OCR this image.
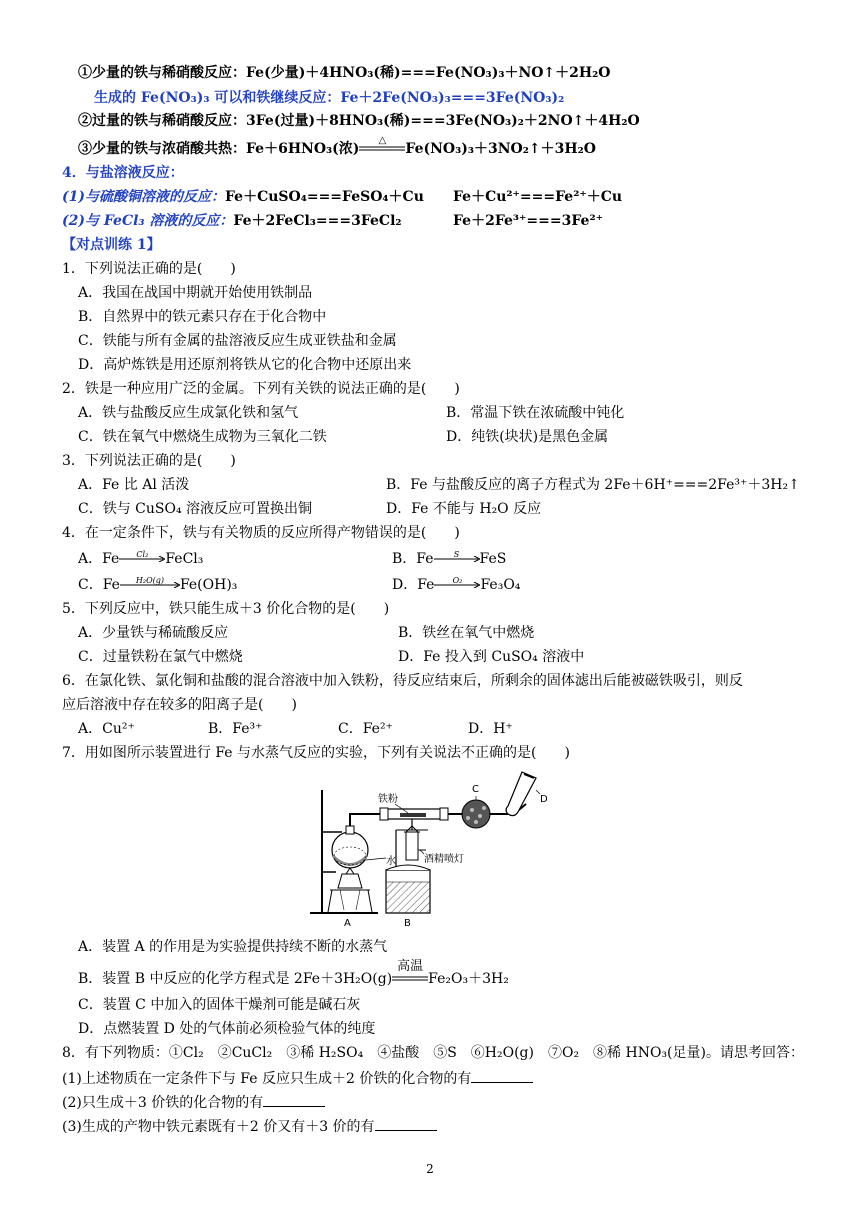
①少量的铁与稀硝酸反应：Fe(少量)＋4HNO₃(稀)===Fe(NO₃)₃＋NO↑＋2H₂O
生成的 Fe(NO₃)₃ 可以和铁继续反应：Fe＋2Fe(NO₃)₃===3Fe(NO₃)₂
②过量的铁与稀硝酸反应：3Fe(过量)＋8HNO₃(稀)===3Fe(NO₃)₂＋2NO↑＋4H₂O
③少量的铁与浓硝酸共热：Fe＋6HNO₃(浓)
△
Fe(NO₃)₃＋3NO₂↑＋3H₂O
4．与盐溶液反应：
(1)与硫酸铜溶液的反应：Fe＋CuSO₄===FeSO₄＋Cu Fe＋Cu²⁺===Fe²⁺＋Cu
(2)与 FeCl₃ 溶液的反应：Fe＋2FeCl₃===3FeCl₂	Fe＋2Fe³⁺===3Fe²⁺
【对点训练 1】
1．下列说法正确的是(　　)
A．我国在战国中期就开始使用铁制品
B．自然界中的铁元素只存在于化合物中
C．铁能与所有金属的盐溶液反应生成亚铁盐和金属
D．高炉炼铁是用还原剂将铁从它的化合物中还原出来
2．铁是一种应用广泛的金属。下列有关铁的说法正确的是(　　)
A．铁与盐酸反应生成氯化铁和氢气	B．常温下铁在浓硫酸中钝化
C．铁在氧气中燃烧生成物为三氧化二铁	D．纯铁(块状)是黑色金属
3．下列说法正确的是(　　)
A．Fe 比 Al 活泼	B．Fe 与盐酸反应的离子方程式为 2Fe＋6H⁺===2Fe³⁺＋3H₂↑
C．铁与 CuSO₄ 溶液反应可置换出铜	D．Fe 不能与 H₂O 反应
4．在一定条件下，铁与有关物质的反应所得产物错误的是(　　)
A．Fe	Cl₂	FeCl₃	B．Fe	S	FeS
C．Fe	H₂O(g)	Fe(OH)₃	D．Fe	O₂	Fe₃O₄
5．下列反应中，铁只能生成＋3 价化合物的是(　　)
A．少量铁与稀硫酸反应	B．铁丝在氧气中燃烧
C．过量铁粉在氯气中燃烧	D．Fe 投入到 CuSO₄ 溶液中
6．在氯化铁、氯化铜和盐酸的混合溶液中加入铁粉，待反应结束后，所剩余的固体滤出后能被磁铁吸引，则反
应后溶液中存在较多的阳离子是(　　)
A．Cu²⁺	B．Fe³⁺	C．Fe²⁺	D．H⁺
7．用如图所示装置进行 Fe 与水蒸气反应的实验，下列有关说法不正确的是(　　)
铁粉
水	酒精喷灯
A	B
C
D
A．装置 A 的作用是为实验提供持续不断的水蒸气
B．装置 B 中反应的化学方程式是 2Fe＋3H₂O(g)
高温
Fe₂O₃＋3H₂
C．装置 C 中加入的固体干燥剂可能是碱石灰
D．点燃装置 D 处的气体前必须检验气体的纯度
8．有下列物质：①Cl₂　②CuCl₂　③稀 H₂SO₄　④盐酸　⑤S　⑥H₂O(g)　⑦O₂　⑧稀 HNO₃(足量)。请思考回答：
(1)上述物质在一定条件下与 Fe 反应只生成＋2 价铁的化合物的有
(2)只生成＋3 价铁的化合物的有
(3)生成的产物中铁元素既有＋2 价又有＋3 价的有
2
